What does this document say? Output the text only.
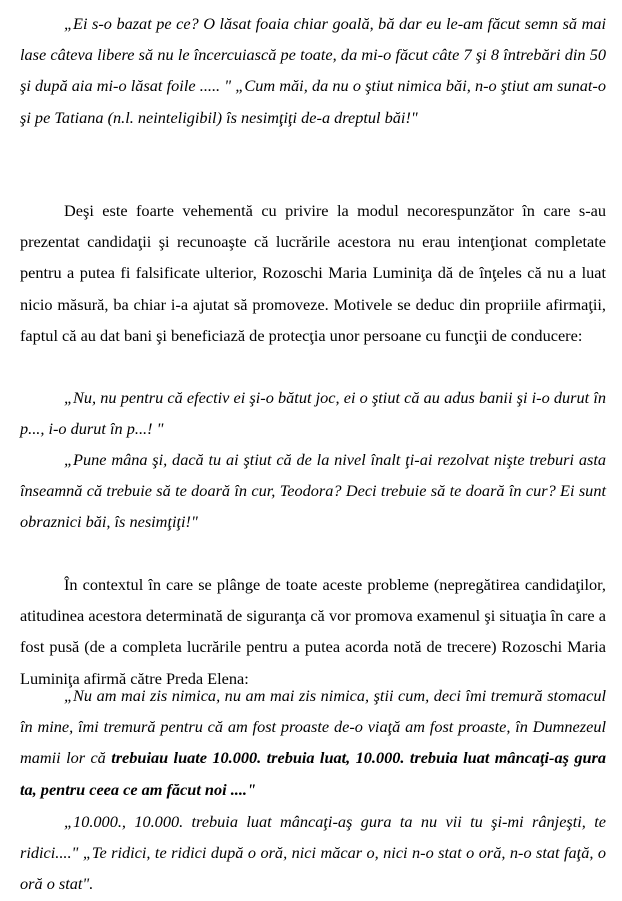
„Ei s-o bazat pe ce? O lăsat foaia chiar goală, bă dar eu le-am făcut semn să mai lase câteva libere să nu le încercuiască pe toate, da mi-o făcut câte 7 şi 8 întrebări din 50 şi după aia mi-o lăsat foile ..... " „Cum măi, da nu o ştiut nimica băi, n-o ştiut am sunat-o şi pe Tatiana (n.l. neinteligibil) îs nesimţiţi de-a dreptul băi!"

Deşi este foarte vehementă cu privire la modul necorespunzător în care s-au prezentat candidaţii şi recunoaşte că lucrările acestora nu erau intenţionat completate pentru a putea fi falsificate ulterior, Rozoschi Maria Luminiţa dă de înţeles că nu a luat nicio măsură, ba chiar i-a ajutat să promoveze. Motivele se deduc din propriile afirmaţii, faptul că au dat bani şi beneficiază de protecţia unor persoane cu funcţii de conducere:

„Nu, nu pentru că efectiv ei şi-o bătut joc, ei o ştiut că au adus banii şi i-o durut în p..., i-o durut în p...! "

„Pune mâna şi, dacă tu ai ştiut că de la nivel înalt ţi-ai rezolvat nişte treburi asta înseamnă că trebuie să te doară în cur, Teodora? Deci trebuie să te doară în cur? Ei sunt obraznici băi, îs nesimţiţi!"

În contextul în care se plânge de toate aceste probleme (nepregătirea candidaţilor, atitudinea acestora determinată de siguranţa că vor promova examenul şi situaţia în care a fost pusă (de a completa lucrările pentru a putea acorda notă de trecere) Rozoschi Maria Luminiţa afirmă către Preda Elena:

„Nu am mai zis nimica, nu am mai zis nimica, ştii cum, deci îmi tremură stomacul în mine, îmi tremură pentru că am fost proaste de-o viaţă am fost proaste, în Dumnezeul mamii lor că trebuiau luate 10.000. trebuia luat, 10.000. trebuia luat mâncaţi-aş gura ta, pentru ceea ce am făcut noi ...."

„10.000., 10.000. trebuia luat mâncaţi-aş gura ta nu vii tu şi-mi rânjeşti, te ridici...." „Te ridici, te ridici după o oră, nici măcar o, nici n-o stat o oră, n-o stat faţă, o oră o stat".
